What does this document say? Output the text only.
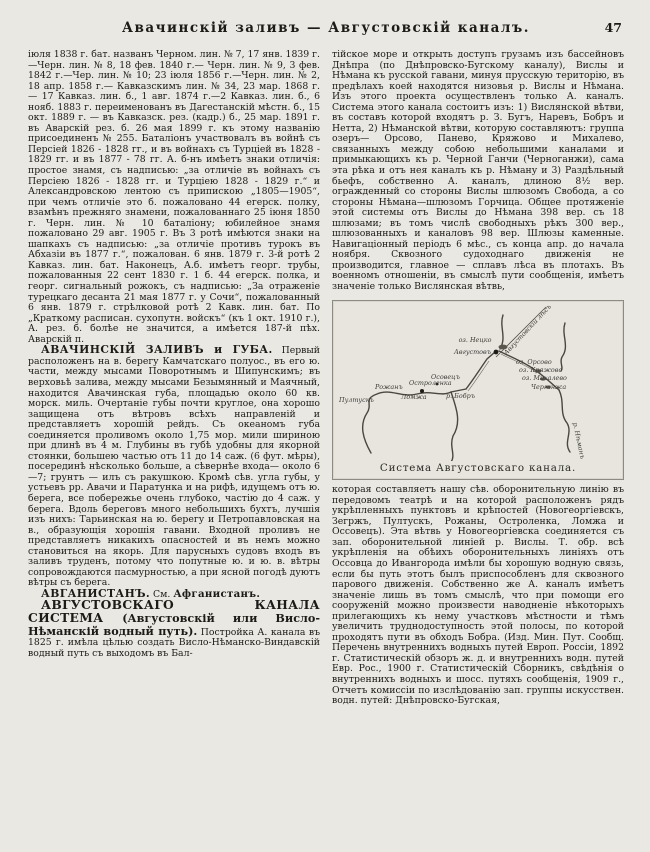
Авачинскій заливъ — Августовскій каналъ.	47

іюля 1838 г. бат. названъ Черном. лин. № 7, 17 янв. 1839 г.—Черн. лин. № 8, 18 фев. 1840 г.— Черн. лин. № 9, 3 фев. 1842 г.—Чер. лин. № 10; 23 іюля 1856 г.—Черн. лин. № 2, 18 апр. 1858 г.— Кавказскимъ лин. № 34, 23 мар. 1868 г. — 17 Кавказ. лин. б., 1 авг. 1874 г.—2 Кавказ. лин. б., 6 нояб. 1883 г. переименованъ въ Дагестанскій мѣстн. б., 15 окт. 1889 г. — въ Кавказск. рез. (кадр.) б., 25 мар. 1891 г. въ Аварскій рез. б. 26 мая 1899 г. къ этому названію присоединенъ № 255. Баталіонъ участвовалъ въ войнѣ съ Персіей 1826 - 1828 гг., и въ войнахъ съ Турціей въ 1828 - 1829 гг. и въ 1877 - 78 гг. А. б-нъ имѣетъ знаки отличія: простое знамя, съ надписью: „за отличіе въ войнахъ съ Персіею 1826 - 1828 гг. и Турціею 1828 - 1829 г.“ и Александровскою лентою съ припискою „1805—1905“, при чемъ отличіе это б. пожаловано 44 егерск. полку, взамѣнъ прежняго знамени, пожалованнаго 25 іюня 1850 г. Черн. лин. № 10 баталіону; юбилейное знамя пожаловано 29 авг. 1905 г. Въ 3 ротѣ имѣются знаки на шапкахъ съ надписью: „за отличіе противъ турокъ въ Абхазіи въ 1877 г.“, пожалован. 6 янв. 1879 г. 3-й ротѣ 2 Кавказ. лин. бат. Наконецъ, А.б. имѣетъ георг. трубы, пожалованныя 22 сент 1830 г. 1 б. 44 егерск. полка, и георг. сигнальный рожокъ, съ надписью: „За отраженіе турецкаго десанта 21 мая 1877 г. у Сочи“, пожалованный 6 янв. 1879 г. стрѣлковой ротѣ 2 Кавк. лин. бат. По „Краткому расписан. сухопутн. войскъ“ (къ 1 окт. 1910 г.), А. рез. б. болѣе не значится, а имѣется 187-й пѣх. Аварскій п.

АВАЧИНСКІЙ ЗАЛИВЪ и ГУБА. Первый расположенъ на в. берегу Камчатскаго полуос., въ его ю. части, между мысами Поворотнымъ и Шипунскимъ; въ верховьѣ залива, между мысами Безымянный и Маячный, находится Авачинская губа, площадью около 60 кв. морск. миль. Очертаніе губы почти круглое, она хорошо защищена отъ вѣтровъ всѣхъ направленій и представляетъ хорошій рейдъ. Съ океаномъ губа соединяется проливомъ около 1,75 мор. мили шириною при длинѣ въ 4 м. Глубины въ губѣ удобны для якорной стоянки, большею частью отъ 11 до 14 саж. (6 фут. мѣры), посерединѣ нѣсколько больше, а сѣвернѣе входа— около 6—7; грунтъ — илъ съ ракушкою. Кромѣ сѣв. угла губы, у устьевъ рр. Авачи и Паратунка и на рифѣ, идущемъ отъ ю. берега, все побережье очень глубоко, частію до 4 саж. у берега. Вдоль береговъ много небольшихъ бухтъ, лучшія изъ нихъ: Тарьинская на ю. берегу и Петропавловская на в., образующія хорошія гавани. Входной проливъ не представляетъ никакихъ опасностей и въ немъ можно становиться на якорь. Для парусныхъ судовъ входъ въ заливъ труденъ, потому что попутные ю. и ю. в. вѣтры сопровождаются пасмурностью, а при ясной погодѣ дуютъ вѣтры съ берега.

АВГАНИСТАНЪ. См. Афганистанъ.

АВГУСТОВСКАГО КАНАЛА СИСТЕМА (Августовскій или Висло-Нѣманскій водный путь). Постройка А. канала въ 1825 г. имѣла цѣлью создать Висло-Нѣманско-Виндавскій водный путь съ выходомъ въ Бал-

тійское море и открыть доступъ грузамъ изъ бассейновъ Днѣпра (по Днѣпровско-Бугскому каналу), Вислы и Нѣмана къ русской гавани, минуя прусскую територію, въ предѣлахъ коей находятся низовья р. Вислы и Нѣмана. Изъ этого проекта осуществленъ только А. каналъ. Система этого канала состоитъ изъ: 1) Вислянской вѣтви, въ составъ которой входятъ р. З. Бугъ, Наревъ, Бобръ и Нетта, 2) Нѣманской вѣтви, которую составляютъ: группа озеръ— Орсово, Панево, Кряжово и Михалево, связанныхъ между собою небольшими каналами и примыкающихъ къ р. Черной Ганчи (Черноганжи), сама эта рѣка и отъ нея каналъ къ р. Нѣману и 3) Раздѣльный бьефъ, собственно А. каналъ, длиною 8½ вер. огражденный со стороны Вислы шлюзомъ Свобода, а со стороны Нѣмана—шлюзомъ Горчица. Общее протяженіе этой системы отъ Вислы до Нѣмана 398 вер. съ 18 шлюзами; въ томъ числѣ свободныхъ рѣкъ 300 вер., шлюзованныхъ и каналовъ 98 вер. Шлюзы каменные. Навигаціонный періодъ 6 мѣс., съ конца апр. до начала ноября. Сквозного судоходнаго движенія не производится, главное — сплавъ лѣса въ плотахъ. Въ военномъ отношеніи, въ смыслѣ пути сообщенія, имѣетъ значеніе только Вислянская вѣтвь,

оз. Нецко
Августовъ
оз. Орсово
оз. Кряжово
оз. Михалево
Черганжа
Августовскій лѣсъ
Пултускъ
Рожанъ
Ломжа
Остроленка
Осовецъ
р. Бобръ
р. Нѣманъ
Система Августовскаго канала.

которая составляетъ нашу сѣв. оборонительную линію въ передовомъ театрѣ и на которой расположенъ рядъ укрѣпленныхъ пунктовъ и крѣпостей (Новогеоргіевскъ, Зегржъ, Пултускъ, Рожаны, Остроленка, Ломжа и Оссовецъ). Эта вѣтвь у Новогеоргіевска соединяется съ зап. оборонительной линіей р. Вислы. Т. обр. всѣ укрѣпленія на обѣихъ оборонительныхъ линіяхъ отъ Оссовца до Ивангорода имѣли бы хорошую водную связь, если бы путь этотъ былъ приспособленъ для сквозного парового движенія. Собственно же А. каналъ имѣетъ значеніе лишь въ томъ смыслѣ, что при помощи его сооруженій можно произвести наводненіе нѣкоторыхъ прилегающихъ къ нему участковъ мѣстности и тѣмъ увеличить труднодоступность этой полосы, по которой проходятъ пути въ обходъ Бобра. (Изд. Мин. Пут. Сообщ. Перечень внутреннихъ водныхъ путей Европ. Россіи, 1892 г. Статистическій обзоръ ж. д. и внутреннихъ водн. путей Евр. Рос., 1900 г. Статистическій Сборникъ, свѣдѣнія о внутреннихъ водныхъ и шосс. путяхъ сообщенія, 1909 г., Отчетъ комиссіи по изслѣдованію зап. группы искусствен. водн. путей: Днѣпровско-Бугская,
